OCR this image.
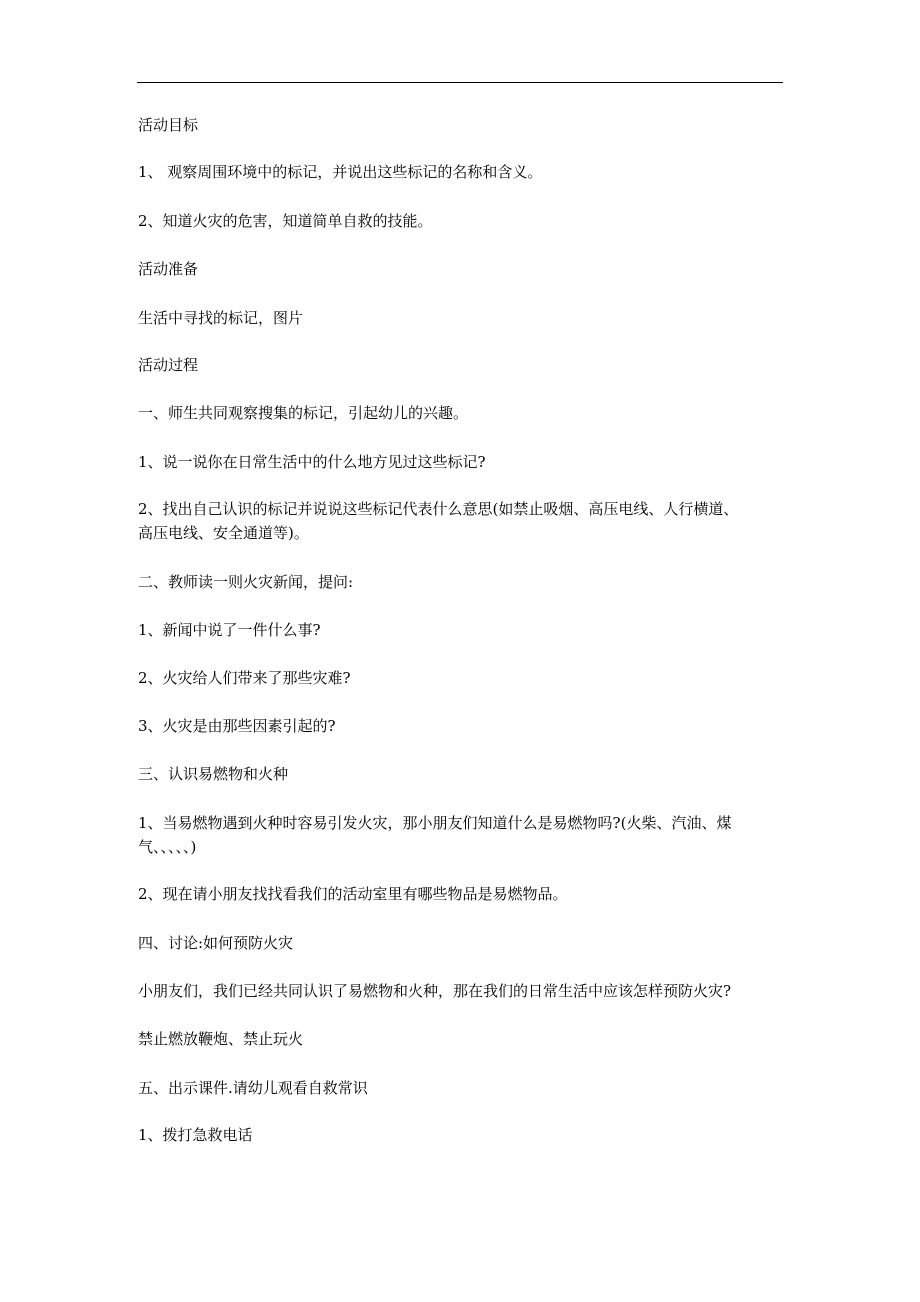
活动目标
1、 观察周围环境中的标记，并说出这些标记的名称和含义。
2、知道火灾的危害，知道简单自救的技能。
活动准备
生活中寻找的标记，图片
活动过程
一、师生共同观察搜集的标记，引起幼儿的兴趣。
1、说一说你在日常生活中的什么地方见过这些标记?
2、找出自己认识的标记并说说这些标记代表什么意思(如禁止吸烟、高压电线、人行横道、
高压电线、安全通道等)。
二、教师读一则火灾新闻，提问:
1、新闻中说了一件什么事?
2、火灾给人们带来了那些灾难?
3、火灾是由那些因素引起的?
三、认识易燃物和火种
1、当易燃物遇到火种时容易引发火灾，那小朋友们知道什么是易燃物吗?(火柴、汽油、煤
气、、、、、)
2、现在请小朋友找找看我们的活动室里有哪些物品是易燃物品。
四、讨论:如何预防火灾
小朋友们，我们已经共同认识了易燃物和火种，那在我们的日常生活中应该怎样预防火灾?
禁止燃放鞭炮、禁止玩火
五、出示课件.请幼儿观看自救常识
1、拨打急救电话
